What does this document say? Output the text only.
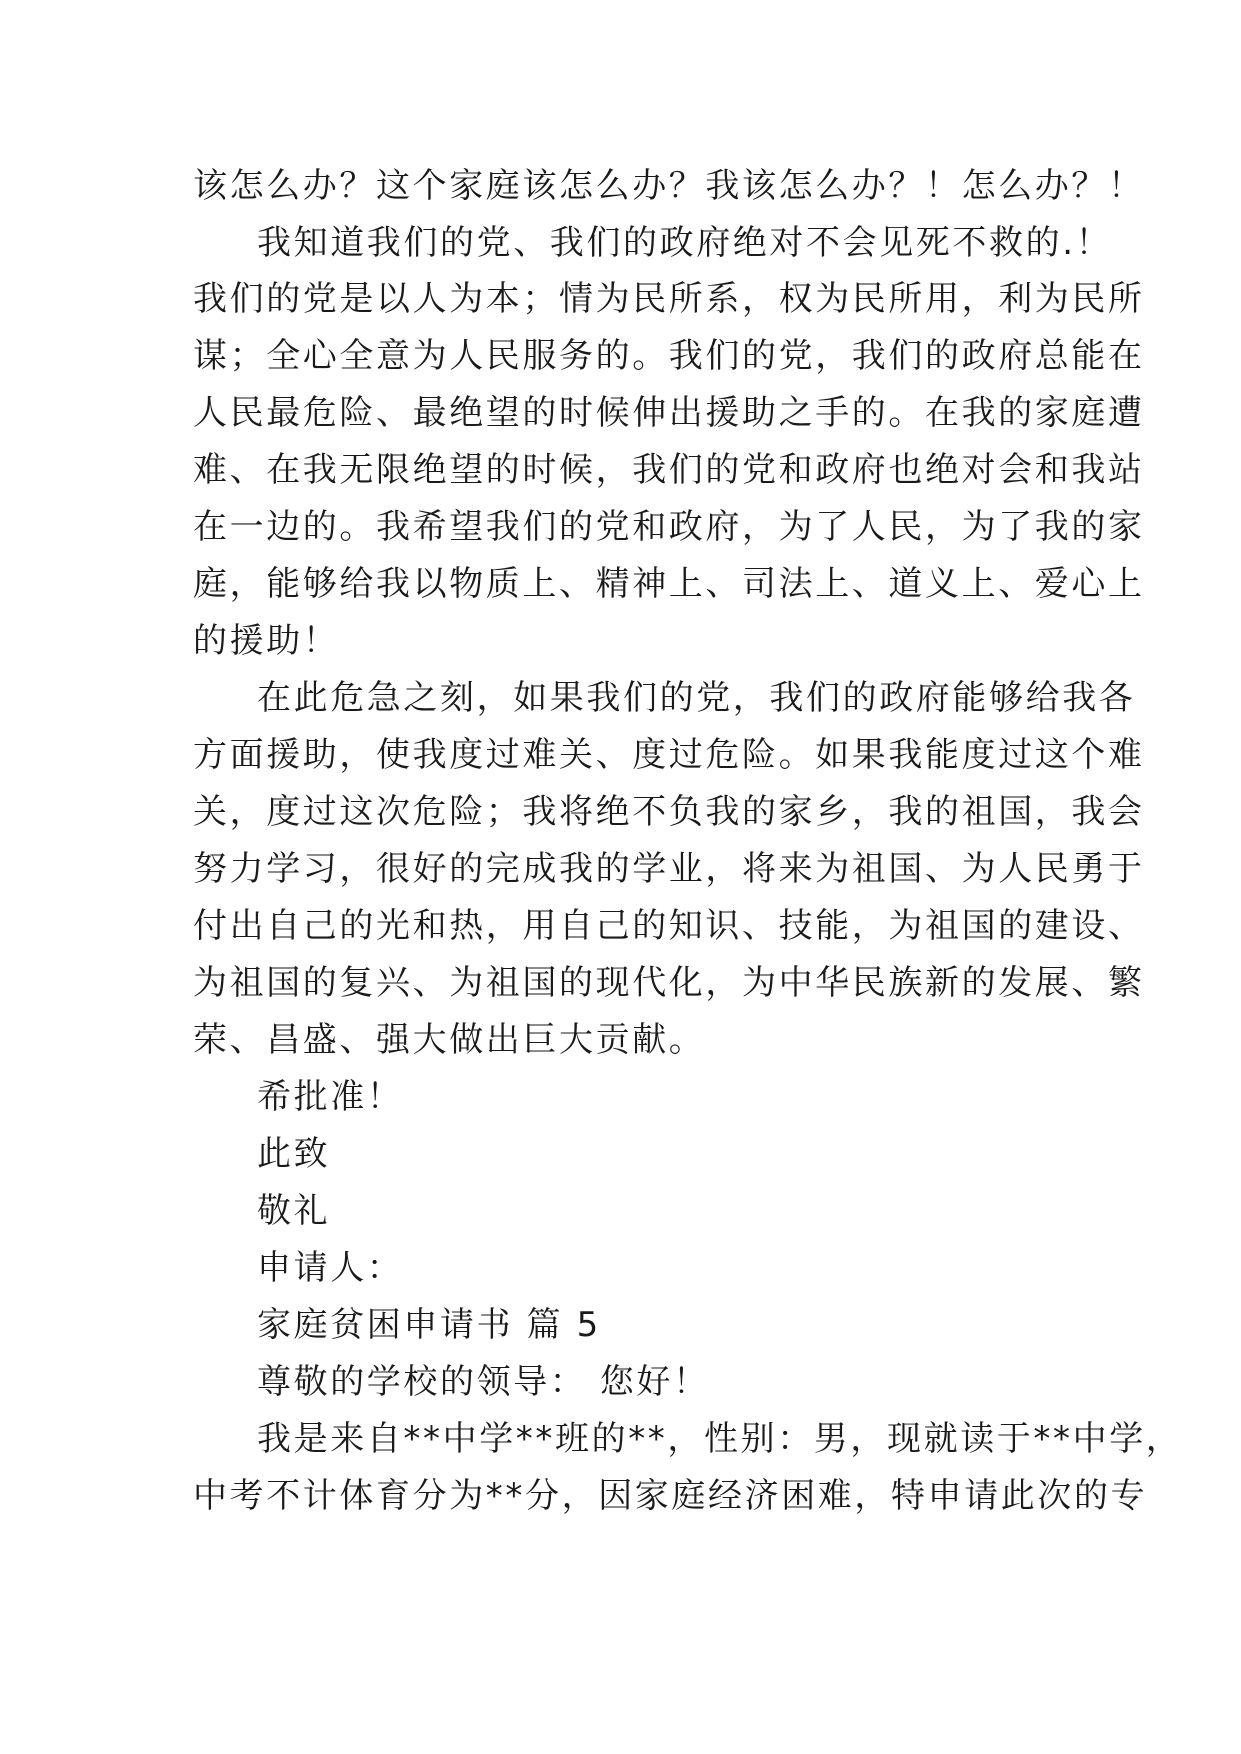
该怎么办？这个家庭该怎么办？我该怎么办？！怎么办？！
我知道我们的党、我们的政府绝对不会见死不救的.！
我们的党是以人为本；情为民所系，权为民所用，利为民所
谋；全心全意为人民服务的。我们的党，我们的政府总能在
人民最危险、最绝望的时候伸出援助之手的。在我的家庭遭
难、在我无限绝望的时候，我们的党和政府也绝对会和我站
在一边的。我希望我们的党和政府，为了人民，为了我的家
庭，能够给我以物质上、精神上、司法上、道义上、爱心上
的援助！
在此危急之刻，如果我们的党，我们的政府能够给我各
方面援助，使我度过难关、度过危险。如果我能度过这个难
关，度过这次危险；我将绝不负我的家乡，我的祖国，我会
努力学习，很好的完成我的学业，将来为祖国、为人民勇于
付出自己的光和热，用自己的知识、技能，为祖国的建设、
为祖国的复兴、为祖国的现代化，为中华民族新的发展、繁
荣、昌盛、强大做出巨大贡献。
希批准！
此致
敬礼
申请人：
家庭贫困申请书 篇 5
尊敬的学校的领导： 您好！
我是来自**中学**班的**，性别：男，现就读于**中学，
中考不计体育分为**分，因家庭经济困难，特申请此次的专
